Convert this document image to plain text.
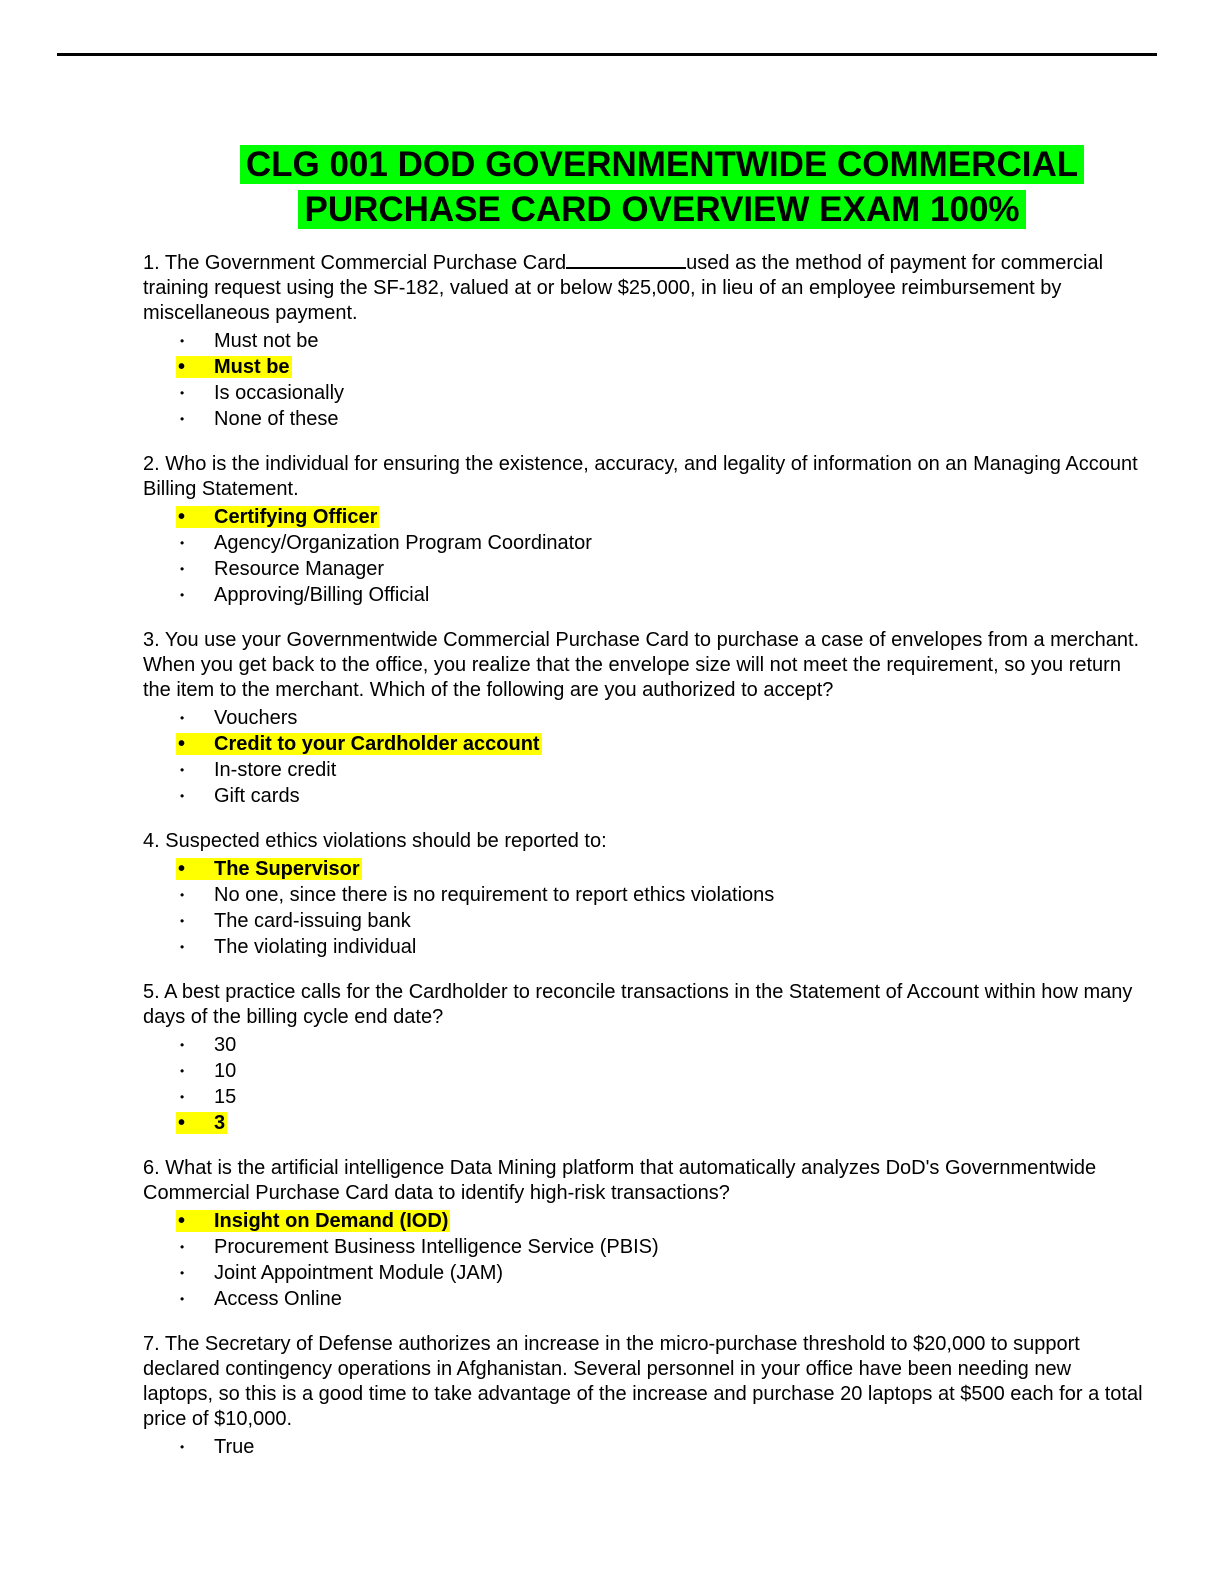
CLG 001 DOD GOVERNMENTWIDE COMMERCIAL
PURCHASE CARD OVERVIEW EXAM 100%

1. The Government Commercial Purchase Card	used as the method of payment for commercial training request using the SF-182, valued at or below $25,000, in lieu of an employee reimbursement by miscellaneous payment.

• Must not be
• Must be
• Is occasionally
• None of these

2. Who is the individual for ensuring the existence, accuracy, and legality of information on an Managing Account Billing Statement.

• Certifying Officer
• Agency/Organization Program Coordinator
• Resource Manager
• Approving/Billing Official

3. You use your Governmentwide Commercial Purchase Card to purchase a case of envelopes from a merchant. When you get back to the office, you realize that the envelope size will not meet the requirement, so you return the item to the merchant. Which of the following are you authorized to accept?

• Vouchers
• Credit to your Cardholder account
• In-store credit
• Gift cards

4. Suspected ethics violations should be reported to:

• The Supervisor
• No one, since there is no requirement to report ethics violations
• The card-issuing bank
• The violating individual

5. A best practice calls for the Cardholder to reconcile transactions in the Statement of Account within how many days of the billing cycle end date?

• 30
• 10
• 15
• 3

6. What is the artificial intelligence Data Mining platform that automatically analyzes DoD's Governmentwide Commercial Purchase Card data to identify high-risk transactions?

• Insight on Demand (IOD)
• Procurement Business Intelligence Service (PBIS)
• Joint Appointment Module (JAM)
• Access Online

7. The Secretary of Defense authorizes an increase in the micro-purchase threshold to $20,000 to support declared contingency operations in Afghanistan. Several personnel in your office have been needing new laptops, so this is a good time to take advantage of the increase and purchase 20 laptops at $500 each for a total price of $10,000.

• True
